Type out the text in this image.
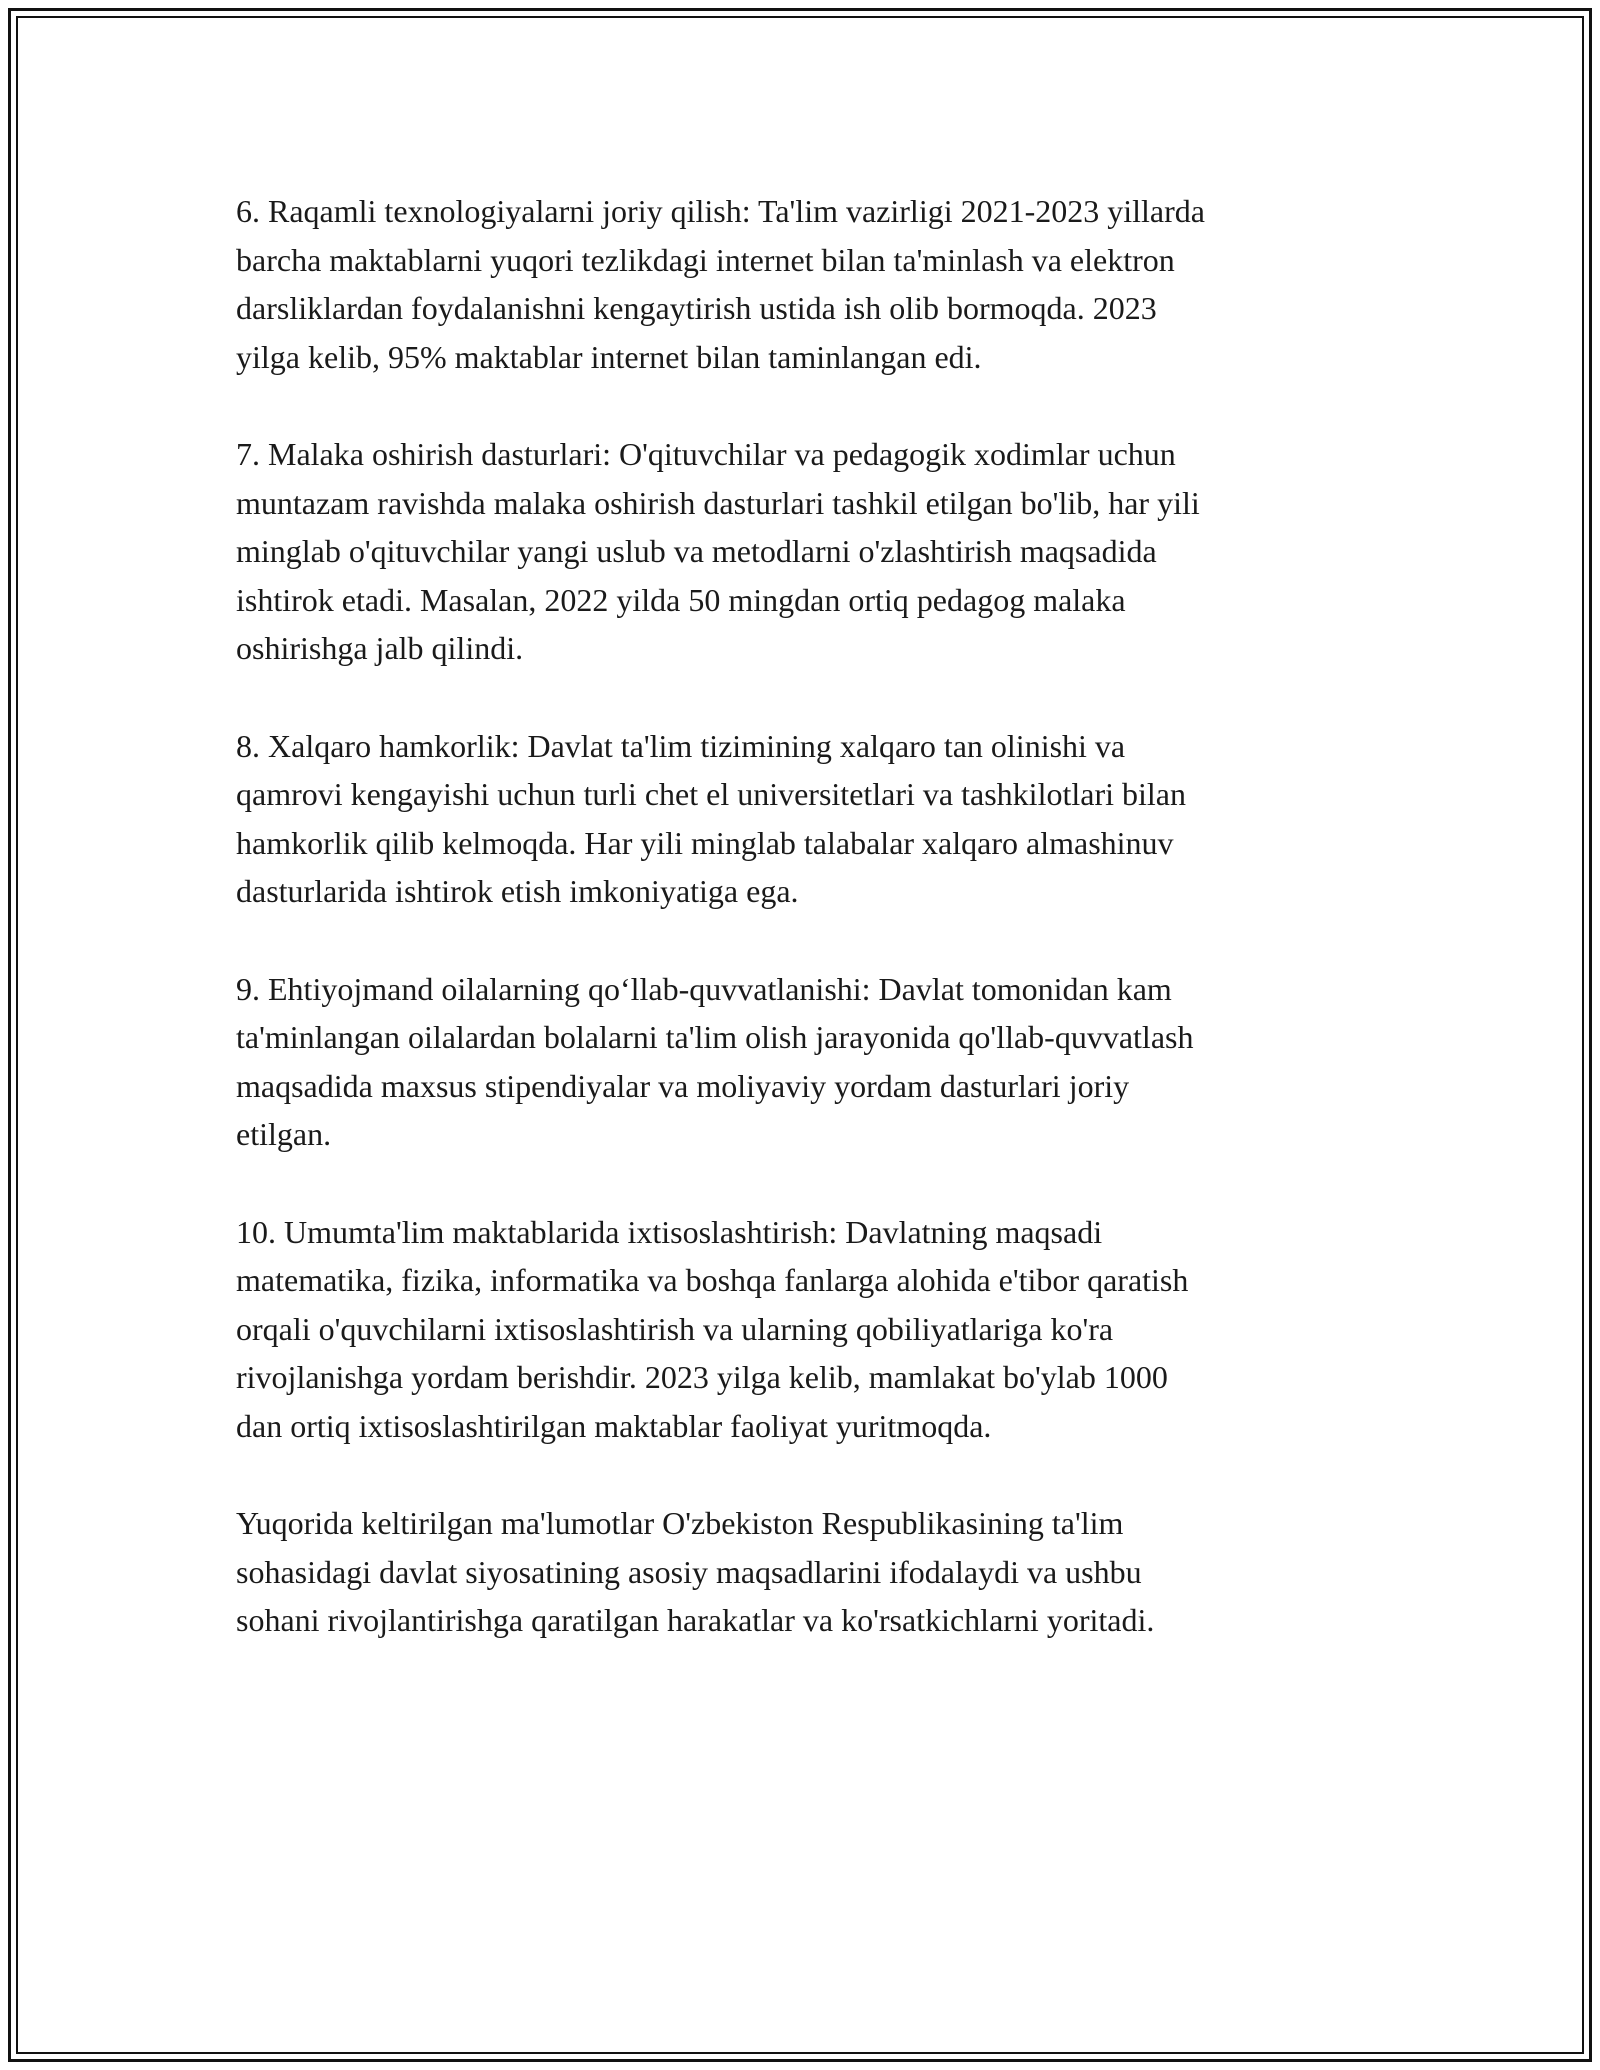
6. Raqamli texnologiyalarni joriy qilish: Ta'lim vazirligi 2021-2023 yillarda
barcha maktablarni yuqori tezlikdagi internet bilan ta'minlash va elektron
darsliklardan foydalanishni kengaytirish ustida ish olib bormoqda. 2023
yilga kelib, 95% maktablar internet bilan taminlangan edi.

7. Malaka oshirish dasturlari: O'qituvchilar va pedagogik xodimlar uchun
muntazam ravishda malaka oshirish dasturlari tashkil etilgan bo'lib, har yili
minglab o'qituvchilar yangi uslub va metodlarni o'zlashtirish maqsadida
ishtirok etadi. Masalan, 2022 yilda 50 mingdan ortiq pedagog malaka
oshirishga jalb qilindi.

8. Xalqaro hamkorlik: Davlat ta'lim tizimining xalqaro tan olinishi va
qamrovi kengayishi uchun turli chet el universitetlari va tashkilotlari bilan
hamkorlik qilib kelmoqda. Har yili minglab talabalar xalqaro almashinuv
dasturlarida ishtirok etish imkoniyatiga ega.

9. Ehtiyojmand oilalarning qo‘llab-quvvatlanishi: Davlat tomonidan kam
ta'minlangan oilalardan bolalarni ta'lim olish jarayonida qo'llab-quvvatlash
maqsadida maxsus stipendiyalar va moliyaviy yordam dasturlari joriy
etilgan.

10. Umumta'lim maktablarida ixtisoslashtirish: Davlatning maqsadi
matematika, fizika, informatika va boshqa fanlarga alohida e'tibor qaratish
orqali o'quvchilarni ixtisoslashtirish va ularning qobiliyatlariga ko'ra
rivojlanishga yordam berishdir. 2023 yilga kelib, mamlakat bo'ylab 1000
dan ortiq ixtisoslashtirilgan maktablar faoliyat yuritmoqda.

Yuqorida keltirilgan ma'lumotlar O'zbekiston Respublikasining ta'lim
sohasidagi davlat siyosatining asosiy maqsadlarini ifodalaydi va ushbu
sohani rivojlantirishga qaratilgan harakatlar va ko'rsatkichlarni yoritadi.
